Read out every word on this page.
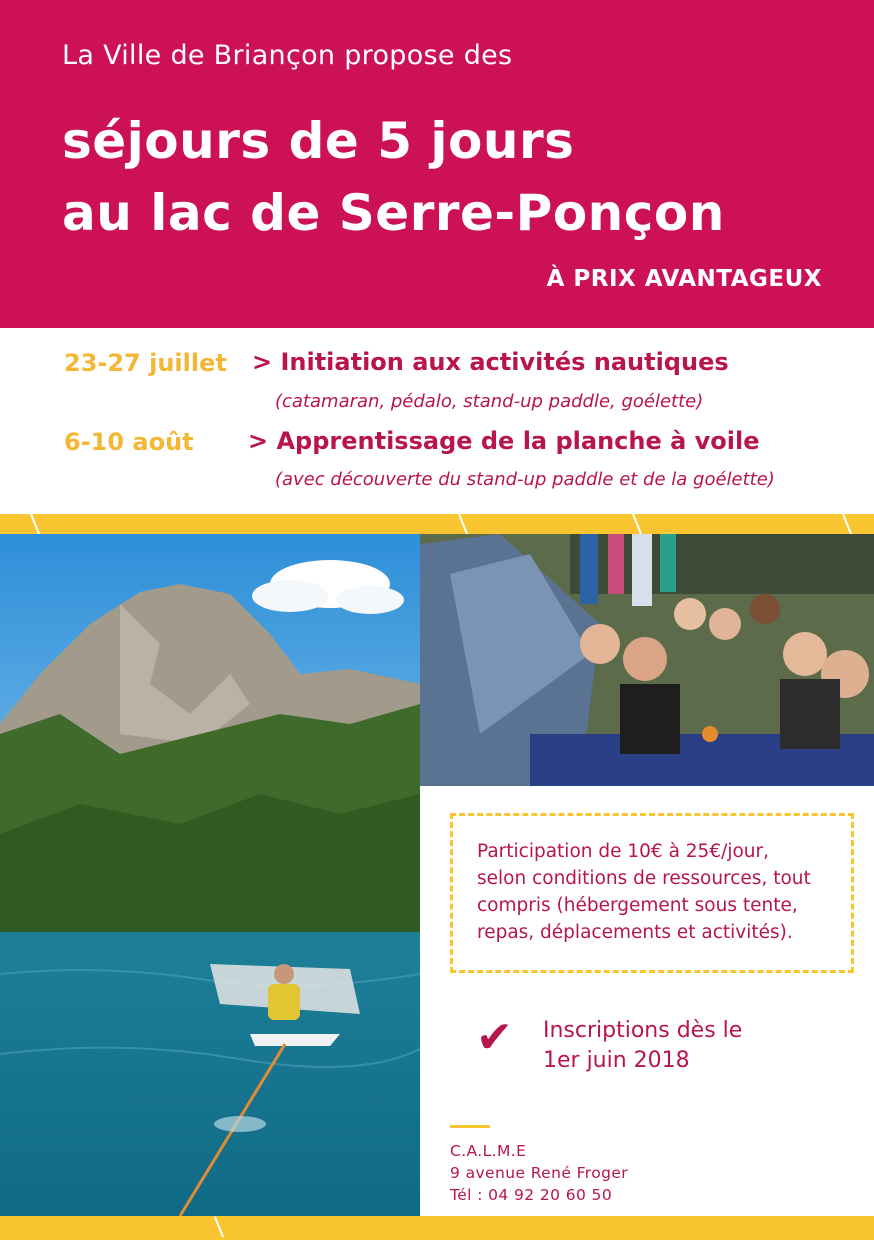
La Ville de Briançon propose des
séjours de 5 jours
au lac de Serre-Ponçon
À PRIX AVANTAGEUX
23-27 juillet > Initiation aux activités nautiques
(catamaran, pédalo, stand-up paddle, goélette)
6-10 août > Apprentissage de la planche à voile
(avec découverte du stand-up paddle et de la goélette)
Participation de 10€ à 25€/jour,
selon conditions de ressources, tout
compris (hébergement sous tente,
repas, déplacements et activités).
✔ Inscriptions dès le
1er juin 2018
C.A.L.M.E
9 avenue René Froger
Tél : 04 92 20 60 50
